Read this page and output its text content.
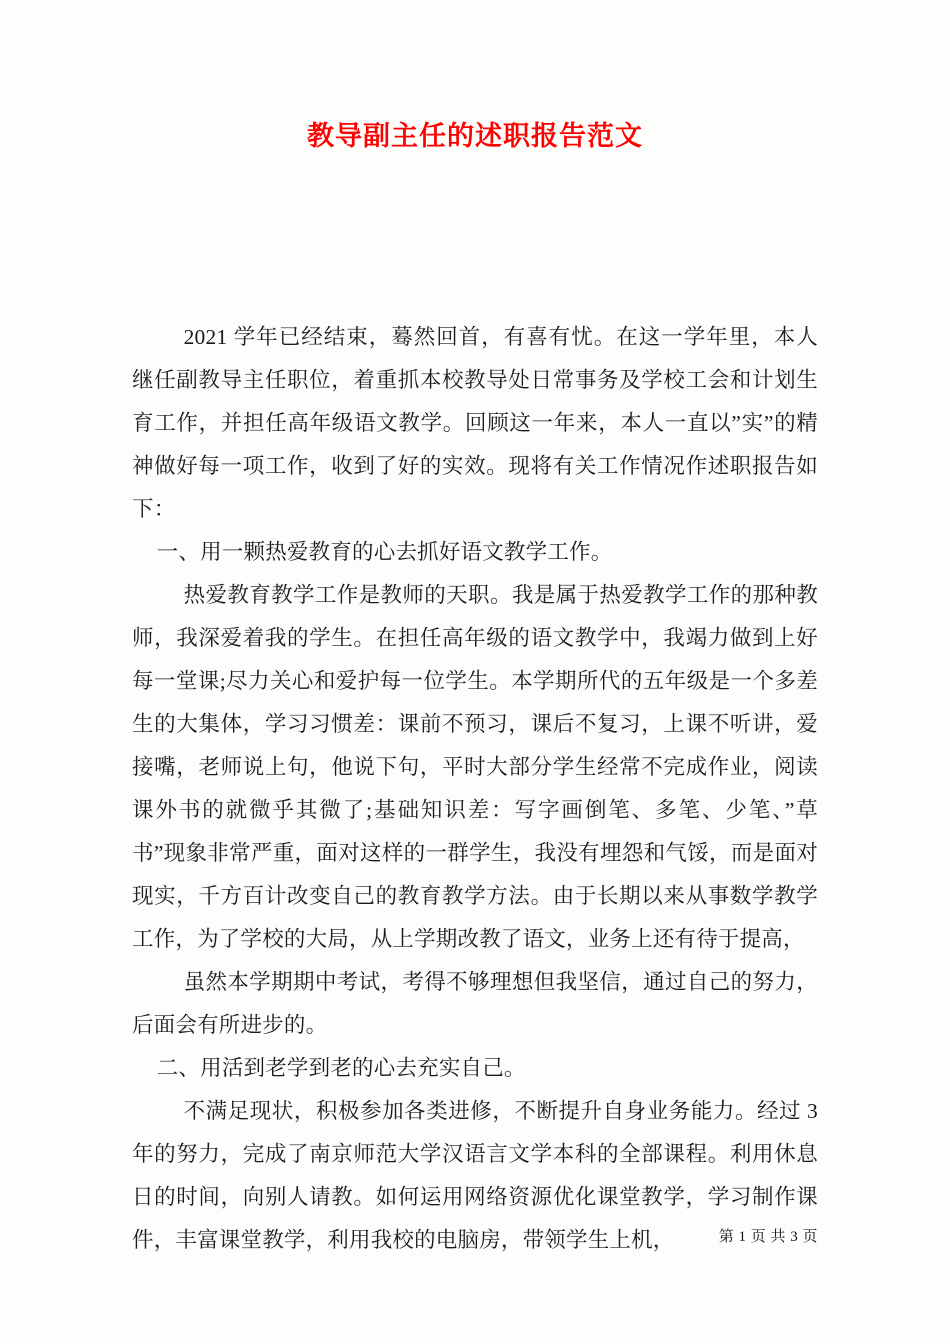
教导副主任的述职报告范文

2021 学年已经结束，蓦然回首，有喜有忧。在这一学年里，本人继任副教导主任职位，着重抓本校教导处日常事务及学校工会和计划生育工作，并担任高年级语文教学。回顾这一年来，本人一直以”实”的精神做好每一项工作，收到了好的实效。现将有关工作情况作述职报告如下：

一、用一颗热爱教育的心去抓好语文教学工作。

热爱教育教学工作是教师的天职。我是属于热爱教学工作的那种教师，我深爱着我的学生。在担任高年级的语文教学中，我竭力做到上好每一堂课;尽力关心和爱护每一位学生。本学期所代的五年级是一个多差生的大集体，学习习惯差：课前不预习，课后不复习，上课不听讲，爱接嘴，老师说上句，他说下句，平时大部分学生经常不完成作业，阅读课外书的就微乎其微了;基础知识差：写字画倒笔、多笔、少笔、”草书”现象非常严重，面对这样的一群学生，我没有埋怨和气馁，而是面对现实，千方百计改变自己的教育教学方法。由于长期以来从事数学教学工作，为了学校的大局，从上学期改教了语文，业务上还有待于提高，

虽然本学期期中考试，考得不够理想但我坚信，通过自己的努力，后面会有所进步的。

二、用活到老学到老的心去充实自己。

不满足现状，积极参加各类进修，不断提升自身业务能力。经过 3 年的努力，完成了南京师范大学汉语言文学本科的全部课程。利用休息日的时间，向别人请教。如何运用网络资源优化课堂教学，学习制作课件，丰富课堂教学，利用我校的电脑房，带领学生上机，	第 1 页 共 3 页
